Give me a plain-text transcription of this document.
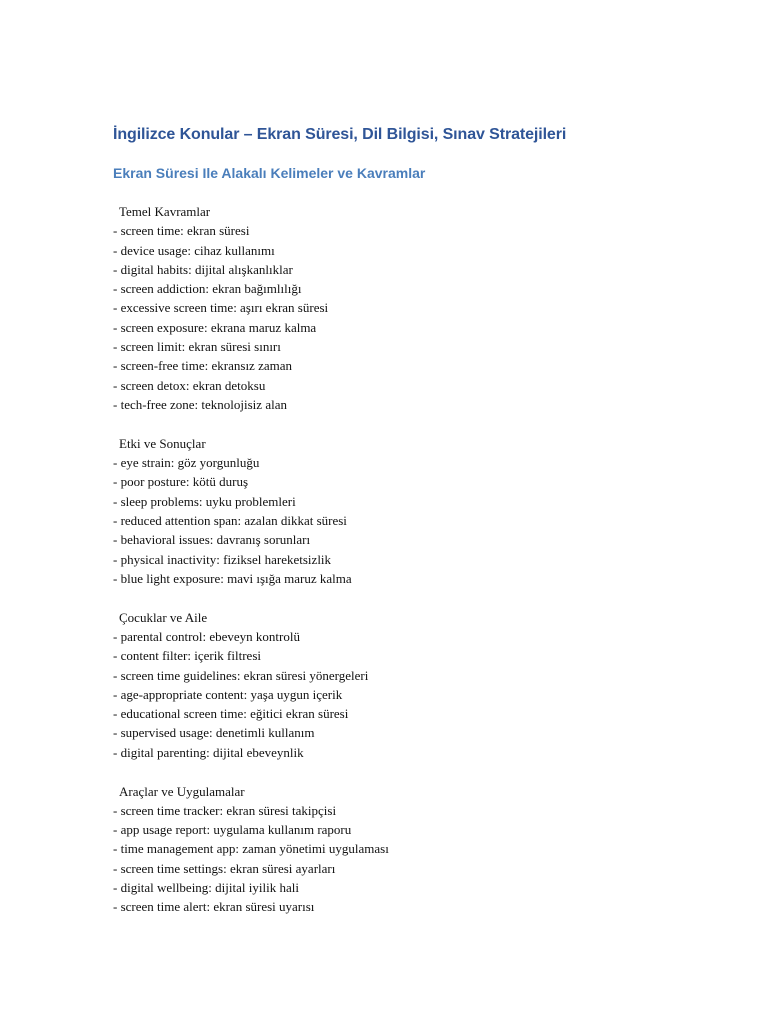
İngilizce Konular – Ekran Süresi, Dil Bilgisi, Sınav Stratejileri
Ekran Süresi Ile Alakalı Kelimeler ve Kavramlar
Temel Kavramlar
- screen time: ekran süresi
- device usage: cihaz kullanımı
- digital habits: dijital alışkanlıklar
- screen addiction: ekran bağımlılığı
- excessive screen time: aşırı ekran süresi
- screen exposure: ekrana maruz kalma
- screen limit: ekran süresi sınırı
- screen-free time: ekransız zaman
- screen detox: ekran detoksu
- tech-free zone: teknolojisiz alan
Etki ve Sonuçlar
- eye strain: göz yorgunluğu
- poor posture: kötü duruş
- sleep problems: uyku problemleri
- reduced attention span: azalan dikkat süresi
- behavioral issues: davranış sorunları
- physical inactivity: fiziksel hareketsizlik
- blue light exposure: mavi ışığa maruz kalma
Çocuklar ve Aile
- parental control: ebeveyn kontrolü
- content filter: içerik filtresi
- screen time guidelines: ekran süresi yönergeleri
- age-appropriate content: yaşa uygun içerik
- educational screen time: eğitici ekran süresi
- supervised usage: denetimli kullanım
- digital parenting: dijital ebeveynlik
Araçlar ve Uygulamalar
- screen time tracker: ekran süresi takipçisi
- app usage report: uygulama kullanım raporu
- time management app: zaman yönetimi uygulaması
- screen time settings: ekran süresi ayarları
- digital wellbeing: dijital iyilik hali
- screen time alert: ekran süresi uyarısı
